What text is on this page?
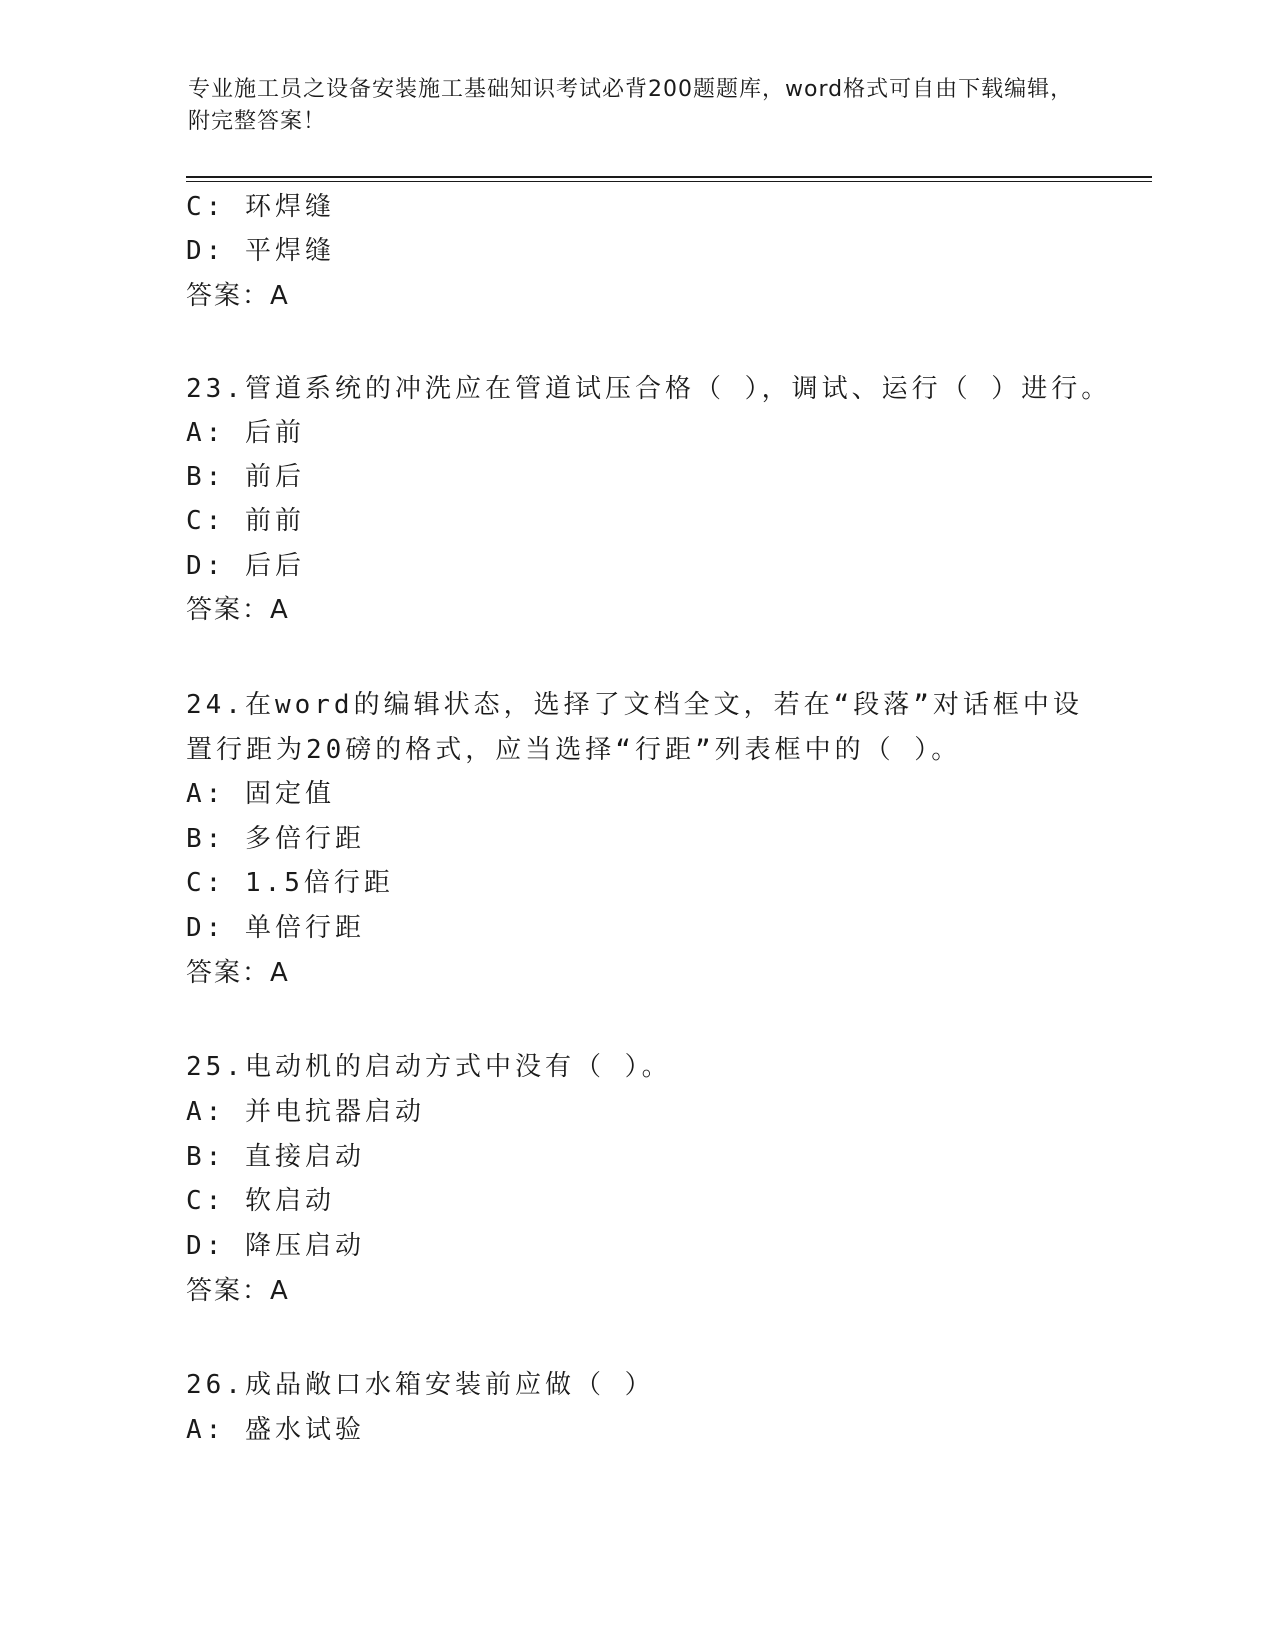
专业施工员之设备安装施工基础知识考试必背200题题库，word格式可自由下载编辑，附完整答案！
C: 环焊缝
D: 平焊缝
答案：A
23.管道系统的冲洗应在管道试压合格（ ），调试、运行（ ）进行。
A: 后前
B: 前后
C: 前前
D: 后后
答案：A
24.在word的编辑状态，选择了文档全文，若在“段落”对话框中设
置行距为20磅的格式，应当选择“行距”列表框中的（ ）。
A: 固定值
B: 多倍行距
C: 1.5倍行距
D: 单倍行距
答案：A
25.电动机的启动方式中没有（ ）。
A: 并电抗器启动
B: 直接启动
C: 软启动
D: 降压启动
答案：A
26.成品敞口水箱安装前应做（ ）
A: 盛水试验
